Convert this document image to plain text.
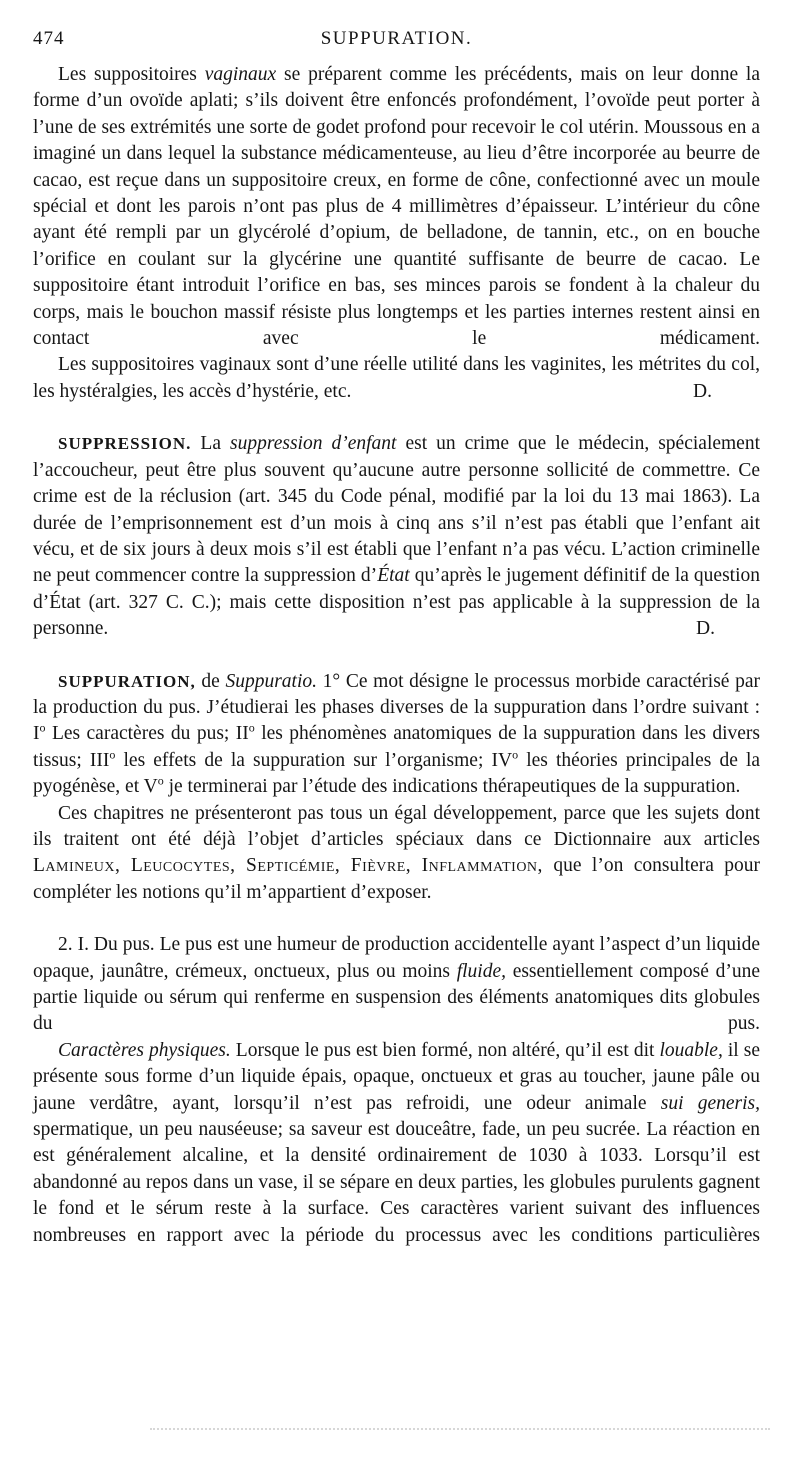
474	SUPPURATION.

Les suppositoires vaginaux se préparent comme les précédents, mais on leur donne la forme d’un ovoïde aplati; s’ils doivent être enfoncés profondément, l’ovoïde peut porter à l’une de ses extrémités une sorte de godet profond pour recevoir le col utérin. Moussous en a imaginé un dans lequel la substance médicamenteuse, au lieu d’être incorporée au beurre de cacao, est reçue dans un suppositoire creux, en forme de cône, confectionné avec un moule spécial et dont les parois n’ont pas plus de 4 millimètres d’épaisseur. L’intérieur du cône ayant été rempli par un glycérolé d’opium, de belladone, de tannin, etc., on en bouche l’orifice en coulant sur la glycérine une quantité suffisante de beurre de cacao. Le suppositoire étant introduit l’orifice en bas, ses minces parois se fondent à la chaleur du corps, mais le bouchon massif résiste plus longtemps et les parties internes restent ainsi en contact avec le médicament.

Les suppositoires vaginaux sont d’une réelle utilité dans les vaginites, les métrites du col, les hystéralgies, les accès d’hystérie, etc.	D.

SUPPRESSION. La suppression d’enfant est un crime que le médecin, spécialement l’accoucheur, peut être plus souvent qu’aucune autre personne sollicité de commettre. Ce crime est de la réclusion (art. 345 du Code pénal, modifié par la loi du 13 mai 1863). La durée de l’emprisonnement est d’un mois à cinq ans s’il n’est pas établi que l’enfant ait vécu, et de six jours à deux mois s’il est établi que l’enfant n’a pas vécu. L’action criminelle ne peut commencer contre la suppression d’État qu’après le jugement définitif de la question d’État (art. 327 C. C.); mais cette disposition n’est pas applicable à la suppression de la personne.	D.

SUPPURATION, de Suppuratio. 1° Ce mot désigne le processus morbide caractérisé par la production du pus. J’étudierai les phases diverses de la suppuration dans l’ordre suivant : $I^o$ Les caractères du pus; $II^o$ les phénomènes anatomiques de la suppuration dans les divers tissus; III$^o$ les effets de la suppuration sur l’organisme; $IV^o$ les théories principales de la pyogénèse, et $V^o$ je terminerai par l’étude des indications thérapeutiques de la suppuration.

Ces chapitres ne présenteront pas tous un égal développement, parce que les sujets dont ils traitent ont été déjà l’objet d’articles spéciaux dans ce Dictionnaire aux articles Lamineux, Leucocytes, Septicémie, Fièvre, Inflammation, que l’on consultera pour compléter les notions qu’il m’appartient d’exposer.

2. I. Du pus. Le pus est une humeur de production accidentelle ayant l’aspect d’un liquide opaque, jaunâtre, crémeux, onctueux, plus ou moins fluide, essentiellement composé d’une partie liquide ou sérum qui renferme en suspension des éléments anatomiques dits globules du pus.

Caractères physiques. Lorsque le pus est bien formé, non altéré, qu’il est dit louable, il se présente sous forme d’un liquide épais, opaque, onctueux et gras au toucher, jaune pâle ou jaune verdâtre, ayant, lorsqu’il n’est pas refroidi, une odeur animale sui generis, spermatique, un peu nauséeuse; sa saveur est douceâtre, fade, un peu sucrée. La réaction en est généralement alcaline, et la densité ordinairement de 1030 à 1033. Lorsqu’il est abandonné au repos dans un vase, il se sépare en deux parties, les globules purulents gagnent le fond et le sérum reste à la surface. Ces caractères varient suivant des influences nombreuses en rapport avec la période du processus avec les conditions particulières
